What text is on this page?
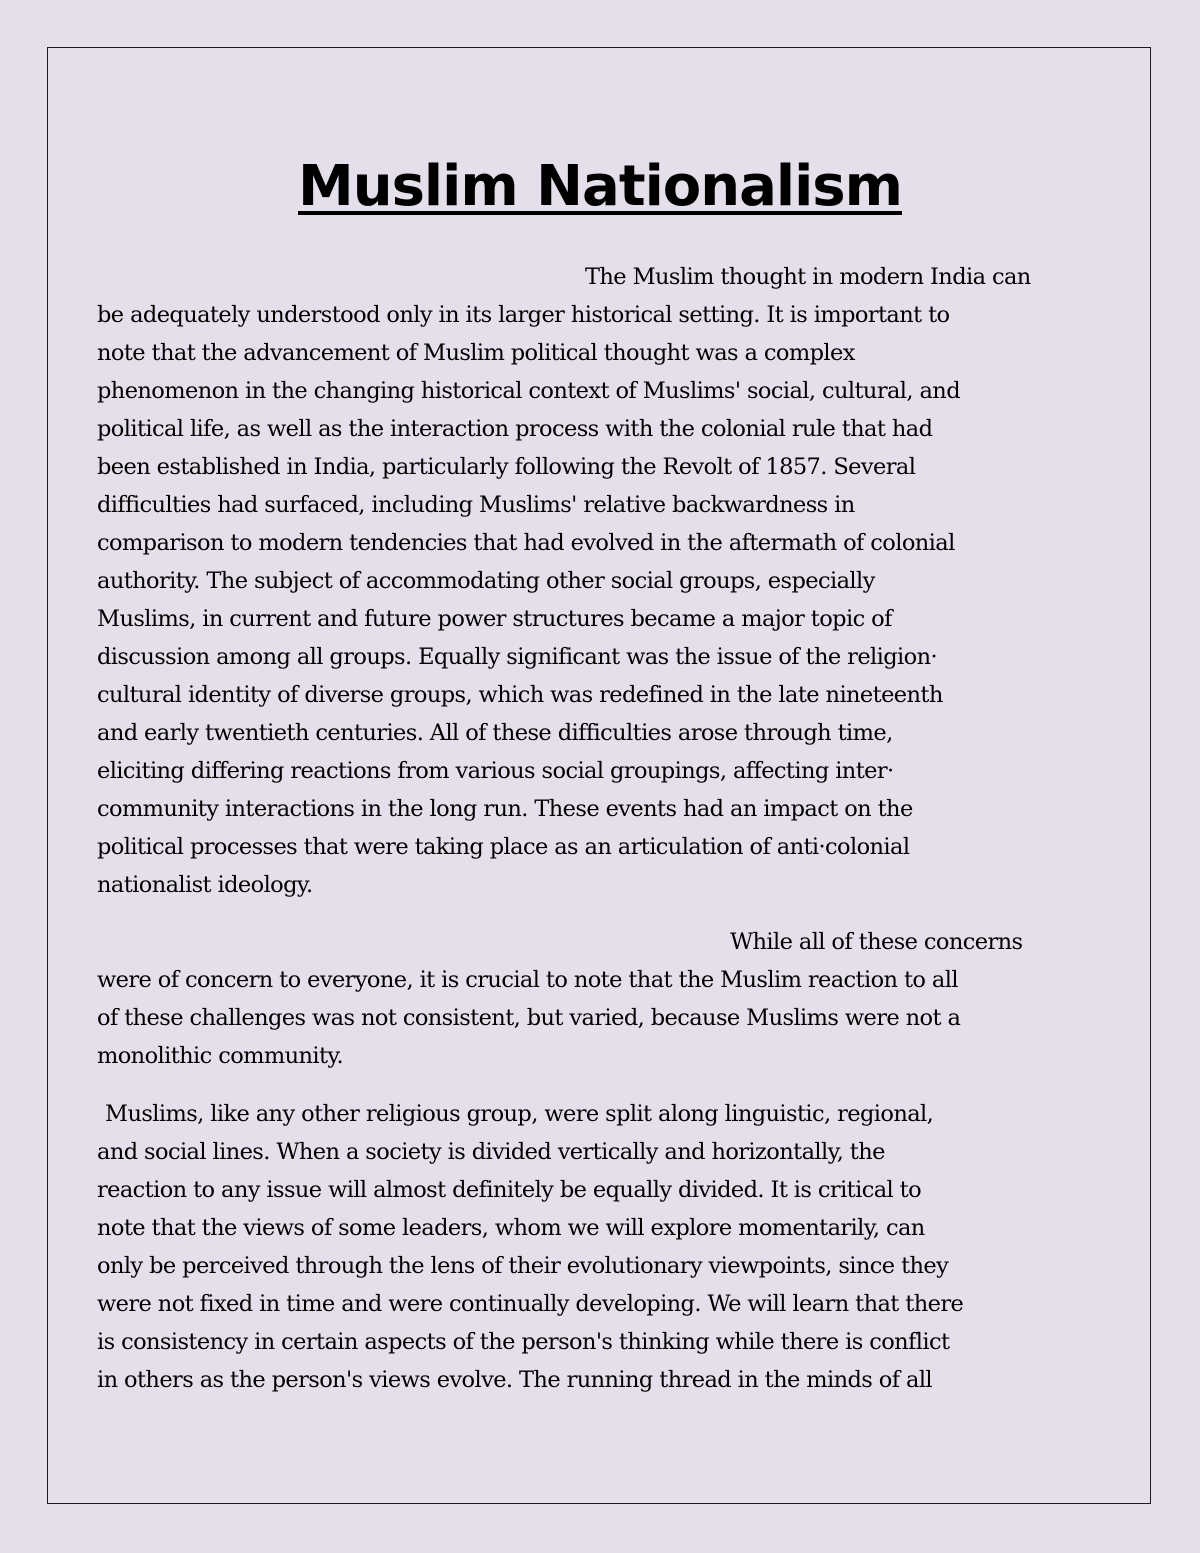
Muslim Nationalism
The Muslim thought in modern India can
be adequately understood only in its larger historical setting. It is important to
note that the advancement of Muslim political thought was a complex
phenomenon in the changing historical context of Muslims' social, cultural, and
political life, as well as the interaction process with the colonial rule that had
been established in India, particularly following the Revolt of 1857. Several
difficulties had surfaced, including Muslims' relative backwardness in
comparison to modern tendencies that had evolved in the aftermath of colonial
authority. The subject of accommodating other social groups, especially
Muslims, in current and future power structures became a major topic of
discussion among all groups. Equally significant was the issue of the religion·
cultural identity of diverse groups, which was redefined in the late nineteenth
and early twentieth centuries. All of these difficulties arose through time,
eliciting differing reactions from various social groupings, affecting inter·
community interactions in the long run. These events had an impact on the
political processes that were taking place as an articulation of anti·colonial
nationalist ideology.
While all of these concerns
were of concern to everyone, it is crucial to note that the Muslim reaction to all
of these challenges was not consistent, but varied, because Muslims were not a
monolithic community.
Muslims, like any other religious group, were split along linguistic, regional,
and social lines. When a society is divided vertically and horizontally, the
reaction to any issue will almost definitely be equally divided. It is critical to
note that the views of some leaders, whom we will explore momentarily, can
only be perceived through the lens of their evolutionary viewpoints, since they
were not fixed in time and were continually developing. We will learn that there
is consistency in certain aspects of the person's thinking while there is conflict
in others as the person's views evolve. The running thread in the minds of all
